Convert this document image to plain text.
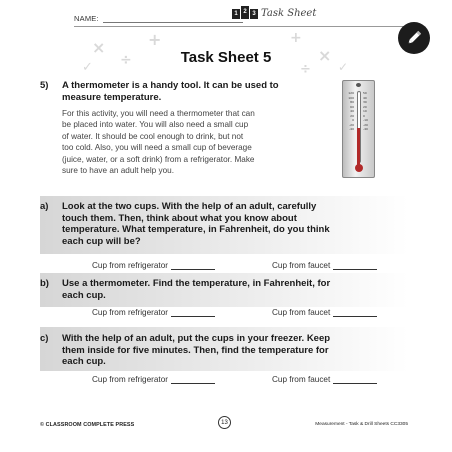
×
÷
+
✓
+
×
÷ ✓
NAME:
1 2 3 Task Sheet
Task Sheet 5
5) A thermometer is a handy tool. It can be used to
measure temperature.
For this activity, you will need a thermometer that can
be placed into water. You will also need a small cup
of water. It should be cool enough to drink, but not
too cold. Also, you will need a small cup of beverage
(juice, water, or a soft drink) from a refrigerator. Make
sure to have an adult help you.
120
100
80
60
40
20
0
-20
-40
50
40
30
20
10
0
-10
-20
-40
a) Look at the two cups. With the help of an adult, carefully
touch them. Then, think about what you know about
temperature. What temperature, in Fahrenheit, do you think
each cup will be?
Cup from refrigerator	Cup from faucet
b) Use a thermometer. Find the temperature, in Fahrenheit, for
each cup.
Cup from refrigerator	Cup from faucet
c) With the help of an adult, put the cups in your freezer. Keep
them inside for five minutes. Then, find the temperature for
each cup.
Cup from refrigerator	Cup from faucet
© CLASSROOM COMPLETE PRESS	13	Measurement - Task & Drill Sheets CC3305
